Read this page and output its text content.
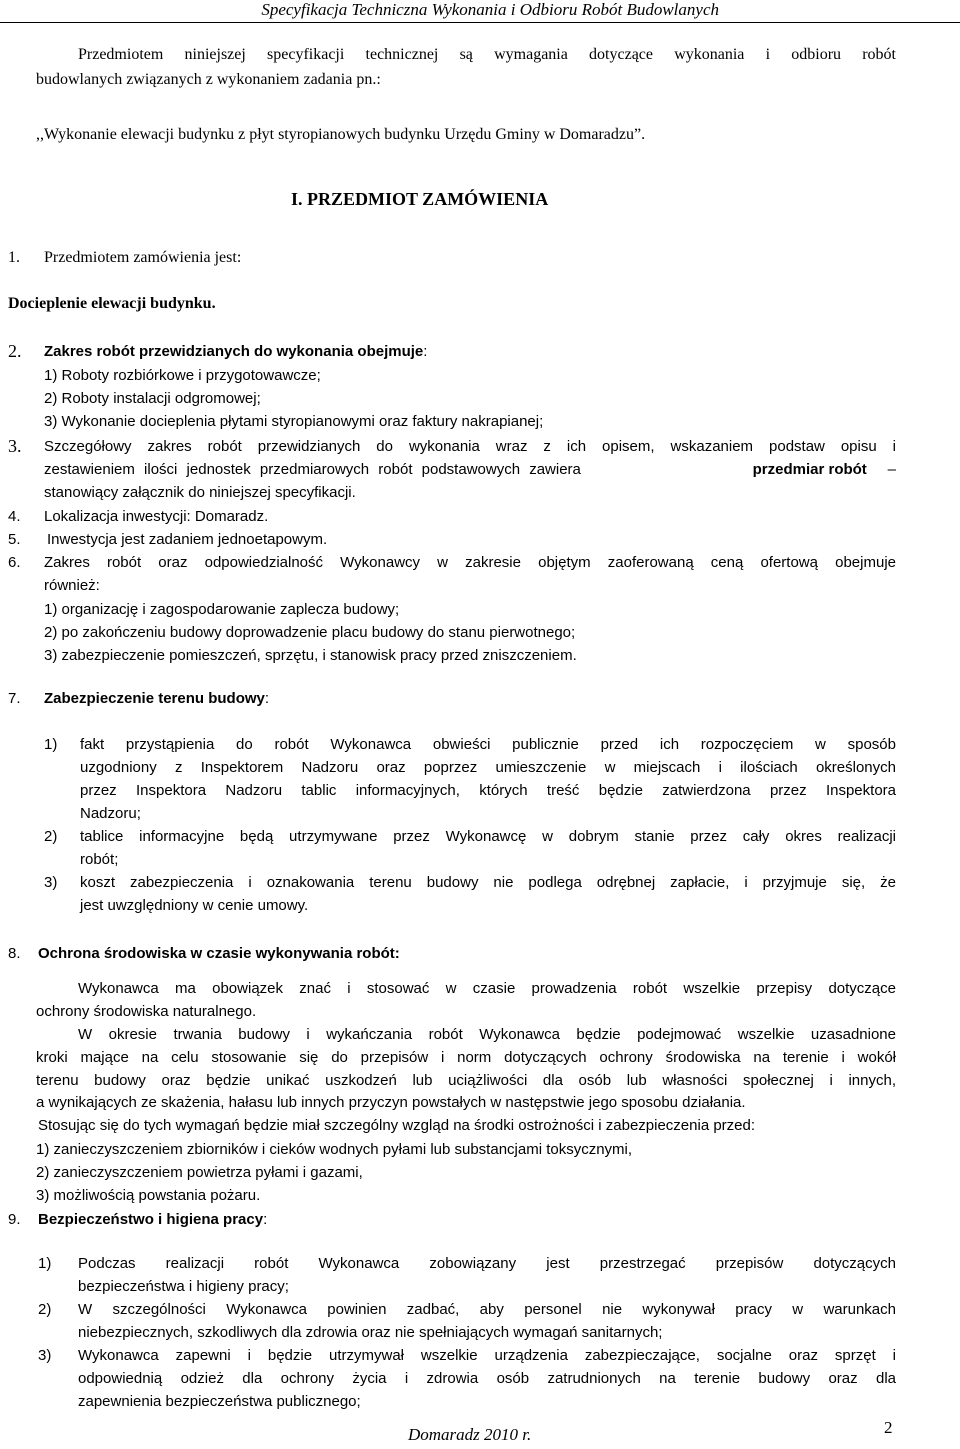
Specyfikacja Techniczna Wykonania i Odbioru Robót Budowlanych
Przedmiotem niniejszej specyfikacji technicznej są wymagania dotyczące wykonania i odbioru robót
budowlanych związanych z wykonaniem zadania pn.:
,,Wykonanie elewacji budynku z płyt styropianowych budynku Urzędu Gminy w Domaradzu”.
I. PRZEDMIOT ZAMÓWIENIA
1. Przedmiotem zamówienia jest:
Docieplenie elewacji budynku.
2. Zakres robót przewidzianych do wykonania obejmuje:
1) Roboty rozbiórkowe i przygotowawcze;
2) Roboty instalacji odgromowej;
3) Wykonanie docieplenia płytami styropianowymi oraz faktury nakrapianej;
3. Szczegółowy zakres robót przewidzianych do wykonania wraz z ich opisem, wskazaniem podstaw opisu i
zestawieniem ilości jednostek przedmiarowych robót podstawowych zawiera	przedmiar robót –
stanowiący załącznik do niniejszej specyfikacji.
4. Lokalizacja inwestycji: Domaradz.
5. Inwestycja jest zadaniem jednoetapowym.
6. Zakres robót oraz odpowiedzialność Wykonawcy w zakresie objętym zaoferowaną ceną ofertową obejmuje
również:
1) organizację i zagospodarowanie zaplecza budowy;
2) po zakończeniu budowy doprowadzenie placu budowy do stanu pierwotnego;
3) zabezpieczenie pomieszczeń, sprzętu, i stanowisk pracy przed zniszczeniem.
7. Zabezpieczenie terenu budowy:
1) fakt przystąpienia do robót Wykonawca obwieści publicznie przed ich rozpoczęciem w sposób
uzgodniony z Inspektorem Nadzoru oraz poprzez umieszczenie w miejscach i ilościach określonych
przez Inspektora Nadzoru tablic informacyjnych, których treść będzie zatwierdzona przez Inspektora
Nadzoru;
2) tablice informacyjne będą utrzymywane przez Wykonawcę w dobrym stanie przez cały okres realizacji
robót;
3) koszt zabezpieczenia i oznakowania terenu budowy nie podlega odrębnej zapłacie, i przyjmuje się, że
jest uwzględniony w cenie umowy.
8. Ochrona środowiska w czasie wykonywania robót:
Wykonawca ma obowiązek znać i stosować w czasie prowadzenia robót wszelkie przepisy dotyczące
ochrony środowiska naturalnego.
W okresie trwania budowy i wykańczania robót Wykonawca będzie podejmować wszelkie uzasadnione
kroki mające na celu stosowanie się do przepisów i norm dotyczących ochrony środowiska na terenie i wokół
terenu budowy oraz będzie unikać uszkodzeń lub uciążliwości dla osób lub własności społecznej i innych,
a wynikających ze skażenia, hałasu lub innych przyczyn powstałych w następstwie jego sposobu działania.
Stosując się do tych wymagań będzie miał szczególny wzgląd na środki ostrożności i zabezpieczenia przed:
1) zanieczyszczeniem zbiorników i cieków wodnych pyłami lub substancjami toksycznymi,
2) zanieczyszczeniem powietrza pyłami i gazami,
3) możliwością powstania pożaru.
9. Bezpieczeństwo i higiena pracy:
1) Podczas realizacji robót Wykonawca zobowiązany jest przestrzegać przepisów dotyczących
bezpieczeństwa i higieny pracy;
2) W szczególności Wykonawca powinien zadbać, aby personel nie wykonywał pracy w warunkach
niebezpiecznych, szkodliwych dla zdrowia oraz nie spełniających wymagań sanitarnych;
3) Wykonawca zapewni i będzie utrzymywał wszelkie urządzenia zabezpieczające, socjalne oraz sprzęt i
odpowiednią odzież dla ochrony życia i zdrowia osób zatrudnionych na terenie budowy oraz dla
zapewnienia bezpieczeństwa publicznego;
Domaradz 2010 r.	2
